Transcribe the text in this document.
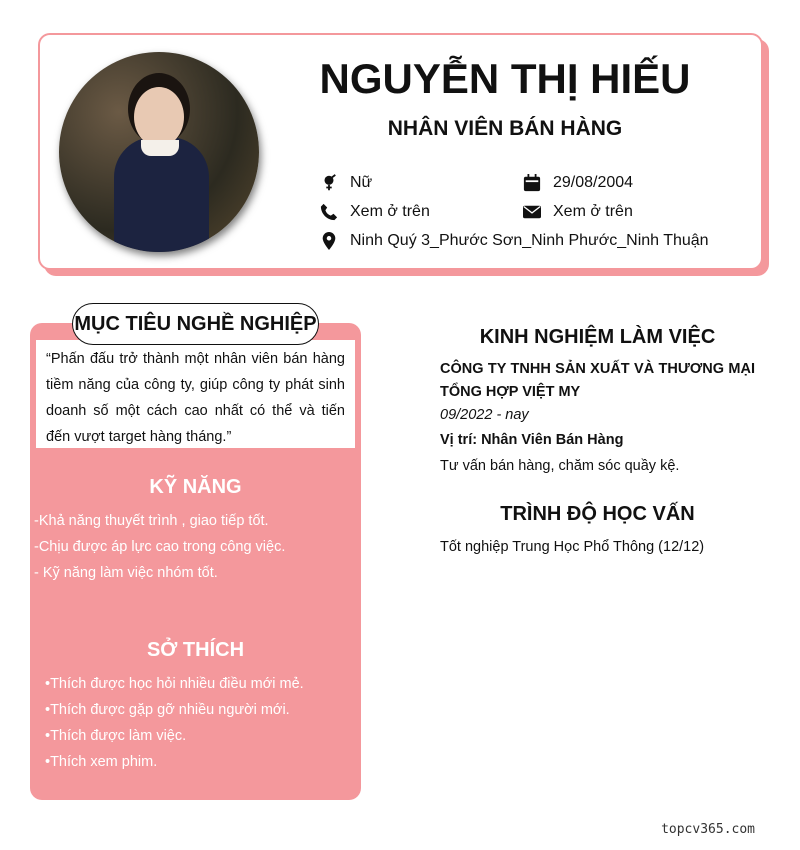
NGUYỄN THỊ HIẾU
NHÂN VIÊN BÁN HÀNG
Nữ	29/08/2004
Xem ở trên	Xem ở trên
Ninh Quý 3_Phước Sơn_Ninh Phước_Ninh Thuận
“Phấn đấu trở thành một nhân viên bán hàng tiềm năng của công ty, giúp công ty phát sinh doanh số một cách cao nhất có thể và tiến đến vượt target hàng tháng.”
MỤC TIÊU NGHỀ NGHIỆP
KỸ NĂNG
-Khả năng thuyết trình , giao tiếp tốt.
-Chịu được áp lực cao trong công việc.
- Kỹ năng làm việc nhóm tốt.
SỞ THÍCH
•Thích được học hỏi nhiều điều mới mẻ.
•Thích được gặp gỡ nhiều người mới.
•Thích được làm việc.
•Thích xem phim.
KINH NGHIỆM LÀM VIỆC
CÔNG TY TNHH SẢN XUẤT VÀ THƯƠNG MẠI TỔNG HỢP VIỆT MY
09/2022 - nay
Vị trí: Nhân Viên Bán Hàng
Tư vấn bán hàng, chăm sóc quầy kệ.
TRÌNH ĐỘ HỌC VẤN
Tốt nghiệp Trung Học Phổ Thông (12/12)
topcv365.com
